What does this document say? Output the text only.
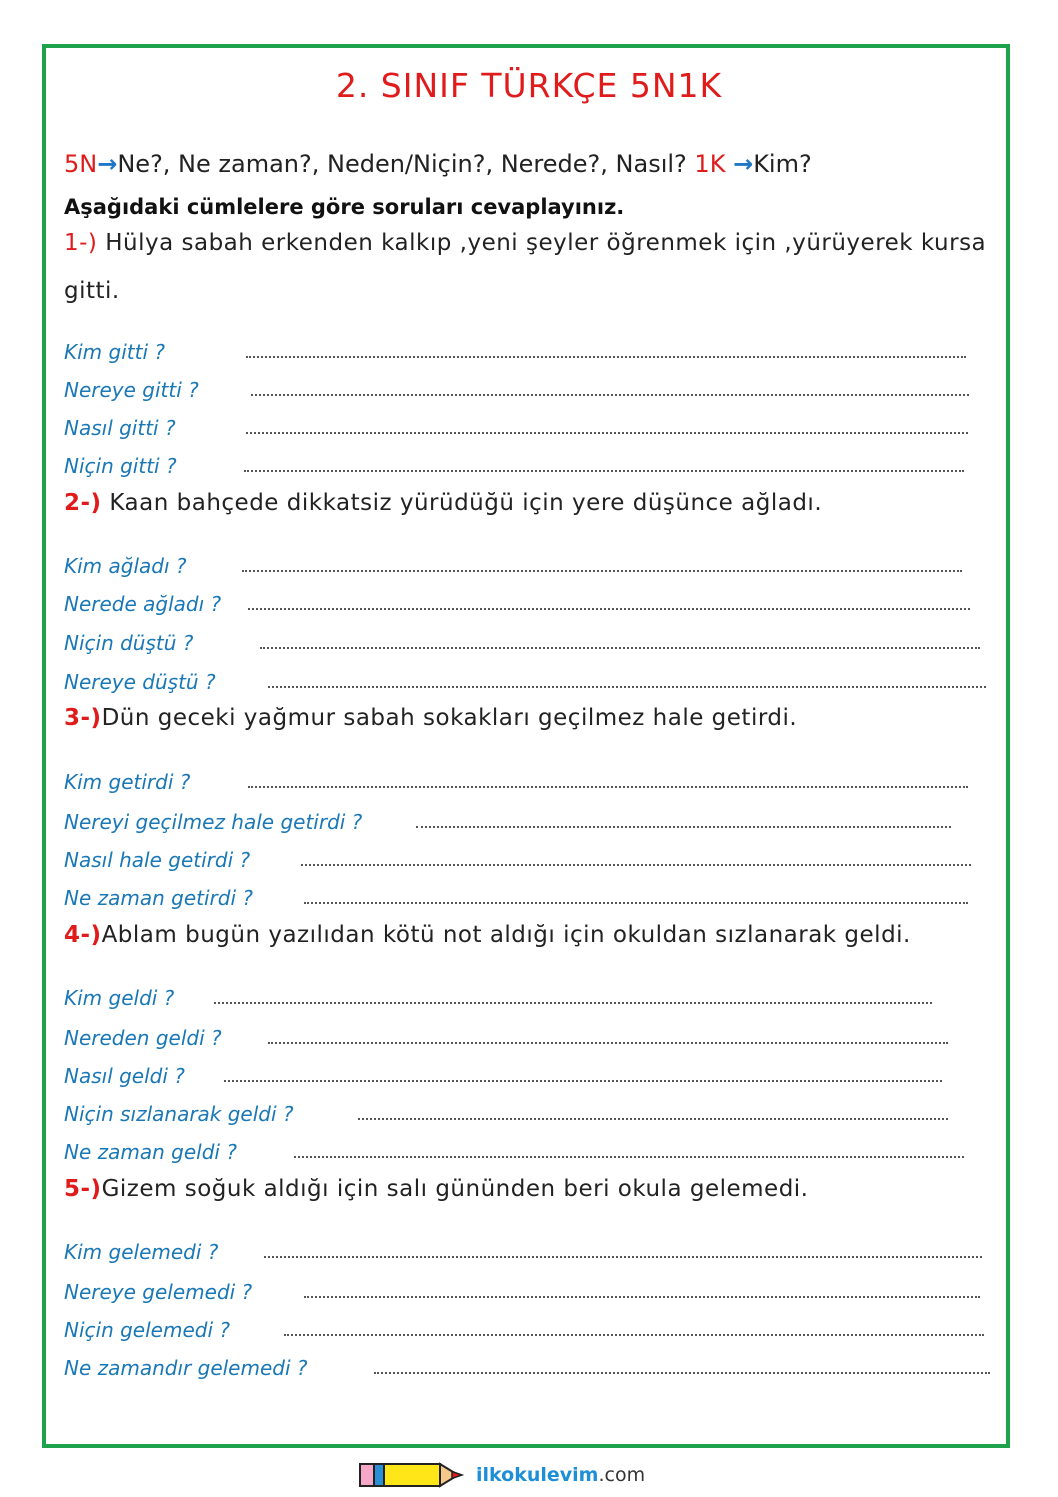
2. SINIF TÜRKÇE 5N1K
5N→Ne?, Ne zaman?, Neden/Niçin?, Nerede?, Nasıl? 1K →Kim?
Aşağıdaki cümlelere göre soruları cevaplayınız.
1-) Hülya sabah erkenden kalkıp ,yeni şeyler öğrenmek için ,yürüyerek kursa
gitti.
Kim gitti ?
Nereye gitti ?
Nasıl gitti ?
Niçin gitti ?
2-) Kaan bahçede dikkatsiz yürüdüğü için yere düşünce ağladı.
Kim ağladı ?
Nerede ağladı ?
Niçin düştü ?
Nereye düştü ?
3-)Dün geceki yağmur sabah sokakları geçilmez hale getirdi.
Kim getirdi ?
Nereyi geçilmez hale getirdi ?
Nasıl hale getirdi ?
Ne zaman getirdi ?
4-)Ablam bugün yazılıdan kötü not aldığı için okuldan sızlanarak geldi.
Kim geldi ?
Nereden geldi ?
Nasıl geldi ?
Niçin sızlanarak geldi ?
Ne zaman geldi ?
5-)Gizem soğuk aldığı için salı gününden beri okula gelemedi.
Kim gelemedi ?
Nereye gelemedi ?
Niçin gelemedi ?
Ne zamandır gelemedi ?
ilkokulevim.com
